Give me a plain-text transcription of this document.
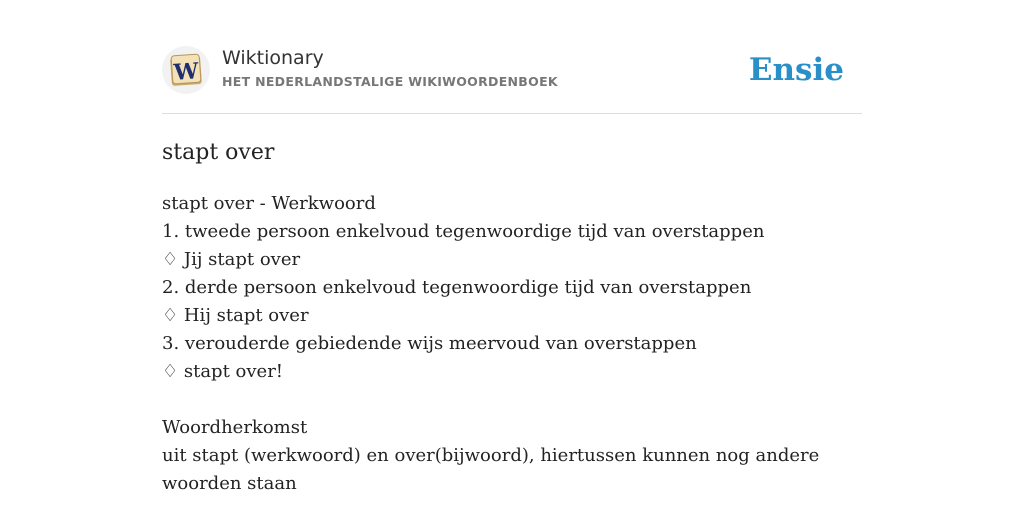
W
Wiktionary
HET NEDERLANDSTALIGE WIKIWOORDENBOEK	Ensie
stapt over
stapt over - Werkwoord
1. tweede persoon enkelvoud tegenwoordige tijd van overstappen
♢ Jij stapt over
2. derde persoon enkelvoud tegenwoordige tijd van overstappen
♢ Hij stapt over
3. verouderde gebiedende wijs meervoud van overstappen
♢ stapt over!
Woordherkomst
uit stapt (werkwoord) en over(bijwoord), hiertussen kunnen nog andere woorden staan
